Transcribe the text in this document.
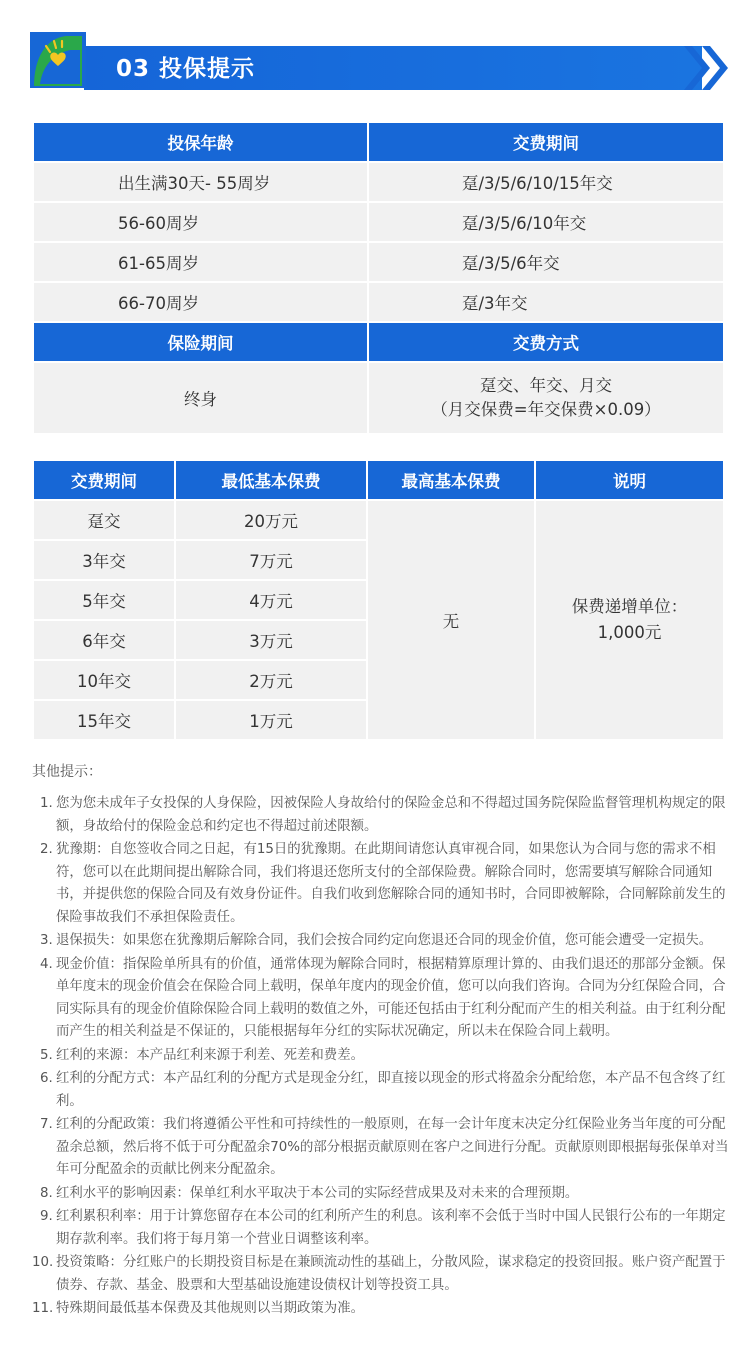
03 投保提示
投保年龄	交费期间
出生满30天- 55周岁	趸/3/5/6/10/15年交
56-60周岁	趸/3/5/6/10年交
61-65周岁	趸/3/5/6年交
66-70周岁	趸/3年交
保险期间	交费方式
终身	趸交、年交、月交
（月交保费=年交保费×0.09）
交费期间	最低基本保费	最高基本保费	说明
趸交	20万元	无	保费递增单位：
1,000元

3年交	7万元		
5年交	4万元		
6年交	3万元		
10年交	2万元		
15年交	1万元		
其他提示：
1. 您为您未成年子女投保的人身保险，因被保险人身故给付的保险金总和不得超过国务院保险监督管理机构规定的限额，身故给付的保险金总和约定也不得超过前述限额。
2. 犹豫期：自您签收合同之日起，有15日的犹豫期。在此期间请您认真审视合同，如果您认为合同与您的需求不相符，您可以在此期间提出解除合同，我们将退还您所支付的全部保险费。解除合同时，您需要填写解除合同通知书，并提供您的保险合同及有效身份证件。自我们收到您解除合同的通知书时，合同即被解除，合同解除前发生的保险事故我们不承担保险责任。
3. 退保损失：如果您在犹豫期后解除合同，我们会按合同约定向您退还合同的现金价值，您可能会遭受一定损失。
4. 现金价值：指保险单所具有的价值，通常体现为解除合同时，根据精算原理计算的、由我们退还的那部分金额。保单年度末的现金价值会在保险合同上载明，保单年度内的现金价值，您可以向我们咨询。合同为分红保险合同，合同实际具有的现金价值除保险合同上载明的数值之外，可能还包括由于红利分配而产生的相关利益。由于红利分配而产生的相关利益是不保证的，只能根据每年分红的实际状况确定，所以未在保险合同上载明。
5. 红利的来源：本产品红利来源于利差、死差和费差。
6. 红利的分配方式：本产品红利的分配方式是现金分红，即直接以现金的形式将盈余分配给您，本产品不包含终了红利。
7. 红利的分配政策：我们将遵循公平性和可持续性的一般原则，在每一会计年度末决定分红保险业务当年度的可分配盈余总额，然后将不低于可分配盈余70%的部分根据贡献原则在客户之间进行分配。贡献原则即根据每张保单对当年可分配盈余的贡献比例来分配盈余。
8. 红利水平的影响因素：保单红利水平取决于本公司的实际经营成果及对未来的合理预期。
9. 红利累积利率：用于计算您留存在本公司的红利所产生的利息。该利率不会低于当时中国人民银行公布的一年期定期存款利率。我们将于每月第一个营业日调整该利率。
10. 投资策略：分红账户的长期投资目标是在兼顾流动性的基础上，分散风险，谋求稳定的投资回报。账户资产配置于债券、存款、基金、股票和大型基础设施建设债权计划等投资工具。
11. 特殊期间最低基本保费及其他规则以当期政策为准。
